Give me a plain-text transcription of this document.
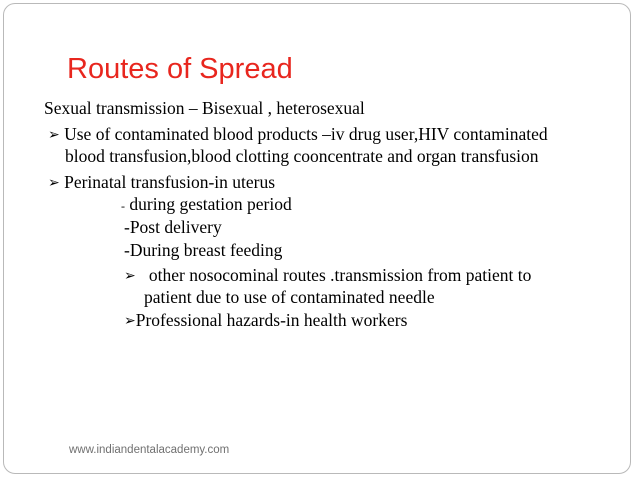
Routes of Spread
Sexual transmission – Bisexual , heterosexual
➢ Use of contaminated blood products –iv drug user,HIV contaminated
blood transfusion,blood clotting cooncentrate and organ transfusion
➢ Perinatal transfusion-in uterus
- during gestation period
-Post delivery
-During breast feeding
➢ other nosocominal routes .transmission from patient to
patient due to use of contaminated needle
➢Professional hazards-in health workers
www.indiandentalacademy.com
